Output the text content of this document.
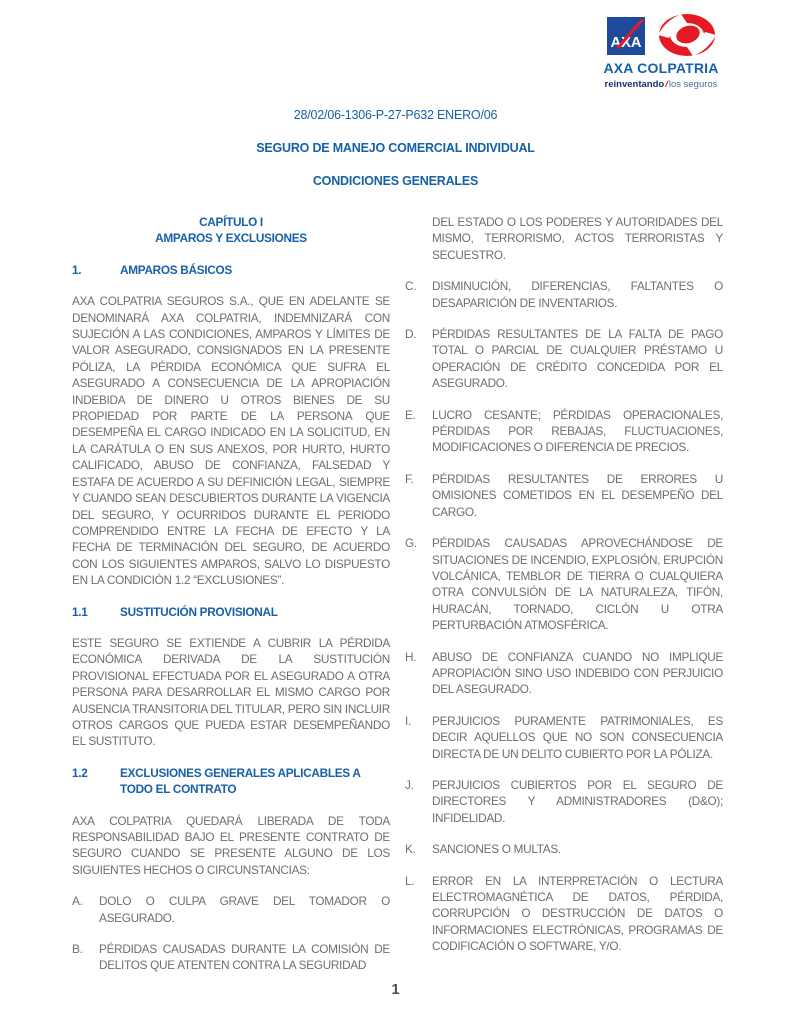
AXA
AXA COLPATRIA
reinventando/los seguros
28/02/06-1306-P-27-P632 ENERO/06
SEGURO DE MANEJO COMERCIAL INDIVIDUAL
CONDICIONES GENERALES
CAPÍTULO I
AMPAROS Y EXCLUSIONES
1.	AMPAROS BÁSICOS
AXA COLPATRIA SEGUROS S.A., QUE EN ADELANTE SE DENOMINARÁ AXA COLPATRIA, INDEMNIZARÁ CON SUJECIÓN A LAS CONDICIONES, AMPAROS Y LÍMITES DE VALOR ASEGURADO, CONSIGNADOS EN LA PRESENTE PÓLIZA, LA PÉRDIDA ECONÓMICA QUE SUFRA EL ASEGURADO A CONSECUENCIA DE LA APROPIACIÓN INDEBIDA DE DINERO U OTROS BIENES DE SU PROPIEDAD POR PARTE DE LA PERSONA QUE DESEMPEÑA EL CARGO INDICADO EN LA SOLICITUD, EN LA CARÁTULA O EN SUS ANEXOS, POR HURTO, HURTO CALIFICADO, ABUSO DE CONFIANZA, FALSEDAD Y ESTAFA DE ACUERDO A SU DEFINICIÓN LEGAL, SIEMPRE Y CUANDO SEAN DESCUBIERTOS DURANTE LA VIGENCIA DEL SEGURO, Y OCURRIDOS DURANTE EL PERIODO COMPRENDIDO ENTRE LA FECHA DE EFECTO Y LA FECHA DE TERMINACIÓN DEL SEGURO, DE ACUERDO CON LOS SIGUIENTES AMPAROS, SALVO LO DISPUESTO EN LA CONDICIÓN 1.2 “EXCLUSIONES”.
1.1	SUSTITUCIÓN PROVISIONAL
ESTE SEGURO SE EXTIENDE A CUBRIR LA PÉRDIDA ECONÓMICA DERIVADA DE LA SUSTITUCIÓN PROVISIONAL EFECTUADA POR EL ASEGURADO A OTRA PERSONA PARA DESARROLLAR EL MISMO CARGO POR AUSENCIA TRANSITORIA DEL TITULAR, PERO SIN INCLUIR OTROS CARGOS QUE PUEDA ESTAR DESEMPEÑANDO EL SUSTITUTO.
1.2	EXCLUSIONES GENERALES APLICABLES A TODO EL CONTRATO
AXA COLPATRIA QUEDARÁ LIBERADA DE TODA RESPONSABILIDAD BAJO EL PRESENTE CONTRATO DE SEGURO CUANDO SE PRESENTE ALGUNO DE LOS SIGUIENTES HECHOS O CIRCUNSTANCIAS:
A.	DOLO O CULPA GRAVE DEL TOMADOR O ASEGURADO.
B.	PÉRDIDAS CAUSADAS DURANTE LA COMISIÓN DE DELITOS QUE ATENTEN CONTRA LA SEGURIDAD
DEL ESTADO O LOS PODERES Y AUTORIDADES DEL MISMO, TERRORISMO, ACTOS TERRORISTAS Y SECUESTRO.
C.	DISMINUCIÓN, DIFERENCIAS, FALTANTES O DESAPARICIÓN DE INVENTARIOS.
D.	PÉRDIDAS RESULTANTES DE LA FALTA DE PAGO TOTAL O PARCIAL DE CUALQUIER PRÉSTAMO U OPERACIÓN DE CRÉDITO CONCEDIDA POR EL ASEGURADO.
E.	LUCRO CESANTE; PÉRDIDAS OPERACIONALES, PÉRDIDAS POR REBAJAS, FLUCTUACIONES, MODIFICACIONES O DIFERENCIA DE PRECIOS.
F.	PÉRDIDAS RESULTANTES DE ERRORES U OMISIONES COMETIDOS EN EL DESEMPEÑO DEL CARGO.
G.	PÉRDIDAS CAUSADAS APROVECHÁNDOSE DE SITUACIONES DE INCENDIO, EXPLOSIÓN, ERUPCIÓN VOLCÁNICA, TEMBLOR DE TIERRA O CUALQUIERA OTRA CONVULSIÓN DE LA NATURALEZA, TIFÓN, HURACÁN, TORNADO, CICLÓN U OTRA PERTURBACIÓN ATMOSFÉRICA.
H.	ABUSO DE CONFIANZA CUANDO NO IMPLIQUE APROPIACIÓN SINO USO INDEBIDO CON PERJUICIO DEL ASEGURADO.
I.	PERJUICIOS PURAMENTE PATRIMONIALES, ES DECIR AQUELLOS QUE NO SON CONSECUENCIA DIRECTA DE UN DELITO CUBIERTO POR LA PÓLIZA.
J.	PERJUICIOS CUBIERTOS POR EL SEGURO DE DIRECTORES Y ADMINISTRADORES (D&O); INFIDELIDAD.
K.	SANCIONES O MULTAS.
L.	ERROR EN LA INTERPRETACIÓN O LECTURA ELECTROMAGNÉTICA DE DATOS, PÉRDIDA, CORRUPCIÓN O DESTRUCCIÓN DE DATOS O INFORMACIONES ELECTRÓNICAS, PROGRAMAS DE CODIFICACIÓN O SOFTWARE, Y/O.
1
